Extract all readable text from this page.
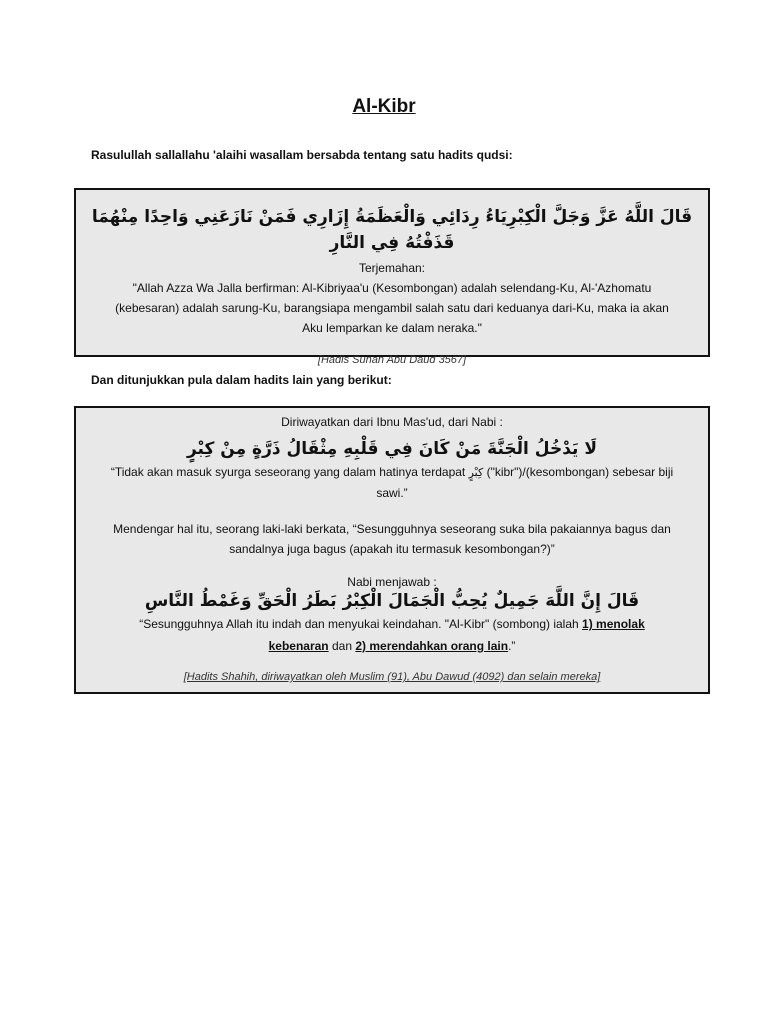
Al-Kibr
Rasulullah sallallahu 'alaihi wasallam bersabda tentang satu hadits qudsi:
قَالَ اللَّهُ عَزَّ وَجَلَّ الْكِبْرِيَاءُ رِدَائِي وَالْعَظَمَةُ إِزَارِي فَمَنْ نَازَعَنِي وَاحِدًا مِنْهُمَا قَذَفْتُهُ فِي النَّارِ
Terjemahan:
"Allah Azza Wa Jalla berfirman: Al-Kibriyaa'u (Kesombongan) adalah selendang-Ku, Al-'Azhomatu (kebesaran) adalah sarung-Ku, barangsiapa mengambil salah satu dari keduanya dari-Ku, maka ia akan Aku lemparkan ke dalam neraka."
[Hadis Sunan Abu Daud 3567]
Dan ditunjukkan pula dalam hadits lain yang berikut:
Diriwayatkan dari Ibnu Mas'ud, dari Nabi :
لَا يَدْخُلُ الْجَنَّةَ مَنْ كَانَ فِي قَلْبِهِ مِثْقَالُ ذَرَّةٍ مِنْ كِبْرٍ
“Tidak akan masuk syurga seseorang yang dalam hatinya terdapat كِبْرٍ ("kibr")/(kesombongan) sebesar biji sawi.”
Mendengar hal itu, seorang laki-laki berkata, “Sesungguhnya seseorang suka bila pakaiannya bagus dan sandalnya juga bagus (apakah itu termasuk kesombongan?)”
Nabi menjawab :
قَالَ إِنَّ اللَّهَ جَمِيلٌ يُحِبُّ الْجَمَالَ الْكِبْرُ بَطَرُ الْحَقِّ وَغَمْطُ النَّاسِ
“Sesungguhnya Allah itu indah dan menyukai keindahan. "Al-Kibr" (sombong) ialah 1) menolak kebenaran dan 2) merendahkan orang lain.”
[Hadits Shahih, diriwayatkan oleh Muslim (91), Abu Dawud (4092) dan selain mereka]
